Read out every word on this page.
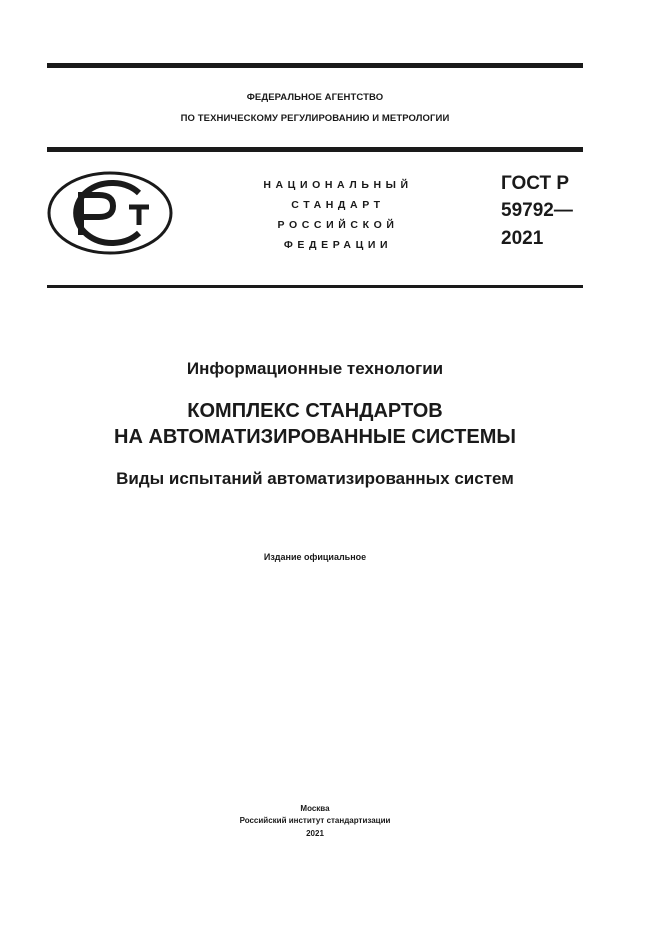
ФЕДЕРАЛЬНОЕ АГЕНТСТВО
ПО ТЕХНИЧЕСКОМУ РЕГУЛИРОВАНИЮ И МЕТРОЛОГИИ
НАЦИОНАЛЬНЫЙ
СТАНДАРТ
РОССИЙСКОЙ
ФЕДЕРАЦИИ
ГОСТ Р
59792—
2021
Информационные технологии
КОМПЛЕКС СТАНДАРТОВ
НА АВТОМАТИЗИРОВАННЫЕ СИСТЕМЫ
Виды испытаний автоматизированных систем
Издание официальное
Москва
Российский институт стандартизации
2021
